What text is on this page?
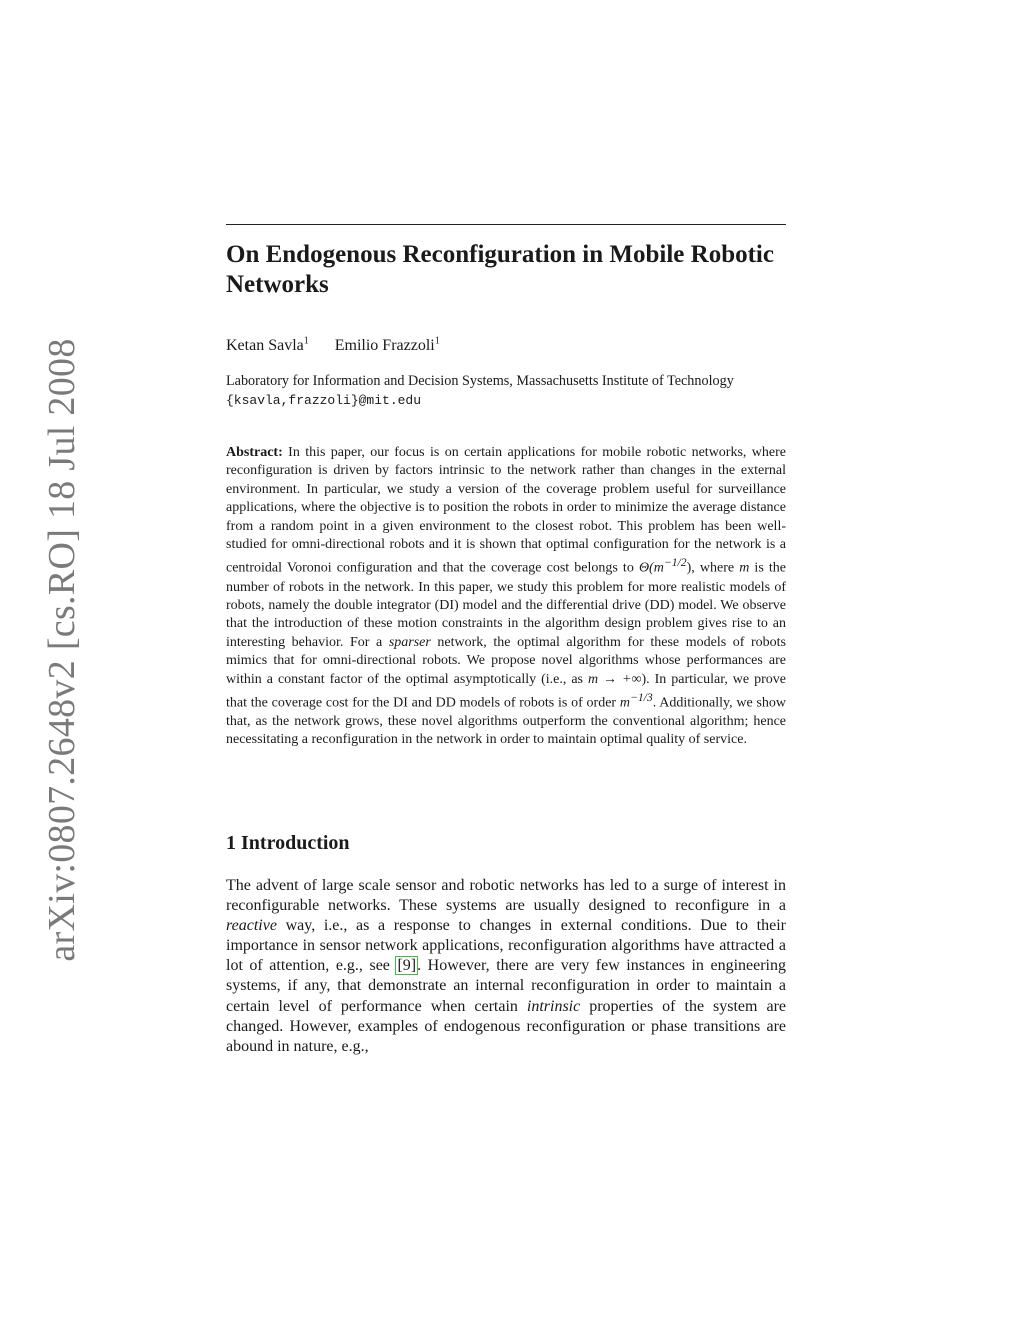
arXiv:0807.2648v2 [cs.RO] 18 Jul 2008
On Endogenous Reconfiguration in Mobile Robotic Networks
Ketan Savla$^1$ Emilio Frazzoli$^1$
Laboratory for Information and Decision Systems, Massachusetts Institute of Technology {ksavla,frazzoli}@mit.edu

Abstract: In this paper, our focus is on certain applications for mobile robotic networks, where reconfiguration is driven by factors intrinsic to the network rather than changes in the external environment. In particular, we study a version of the coverage problem useful for surveillance applications, where the objective is to position the robots in order to minimize the average distance from a random point in a given environment to the closest robot. This problem has been well-studied for omni-directional robots and it is shown that optimal configuration for the network is a centroidal Voronoi configuration and that the coverage cost belongs to $\Theta(m^{-1/2})$, where m is the number of robots in the network. In this paper, we study this problem for more realistic models of robots, namely the double integrator (DI) model and the differential drive (DD) model. We observe that the introduction of these motion constraints in the algorithm design problem gives rise to an interesting behavior. For a sparser network, the optimal algorithm for these models of robots mimics that for omni-directional robots. We propose novel algorithms whose performances are within a constant factor of the optimal asymptotically (i.e., as m → +∞). In particular, we prove that the coverage cost for the DI and DD models of robots is of order $m^{-1/3}$. Additionally, we show that, as the network grows, these novel algorithms outperform the conventional algorithm; hence necessitating a reconfiguration in the network in order to maintain optimal quality of service.

1 Introduction

The advent of large scale sensor and robotic networks has led to a surge of interest in reconfigurable networks. These systems are usually designed to reconfigure in a reactive way, i.e., as a response to changes in external conditions. Due to their importance in sensor network applications, reconfiguration algorithms have attracted a lot of attention, e.g., see [9]. However, there are very few instances in engineering systems, if any, that demonstrate an internal reconfiguration in order to maintain a certain level of performance when certain intrinsic properties of the system are changed. However, examples of endogenous reconfiguration or phase transitions are abound in nature, e.g.,
